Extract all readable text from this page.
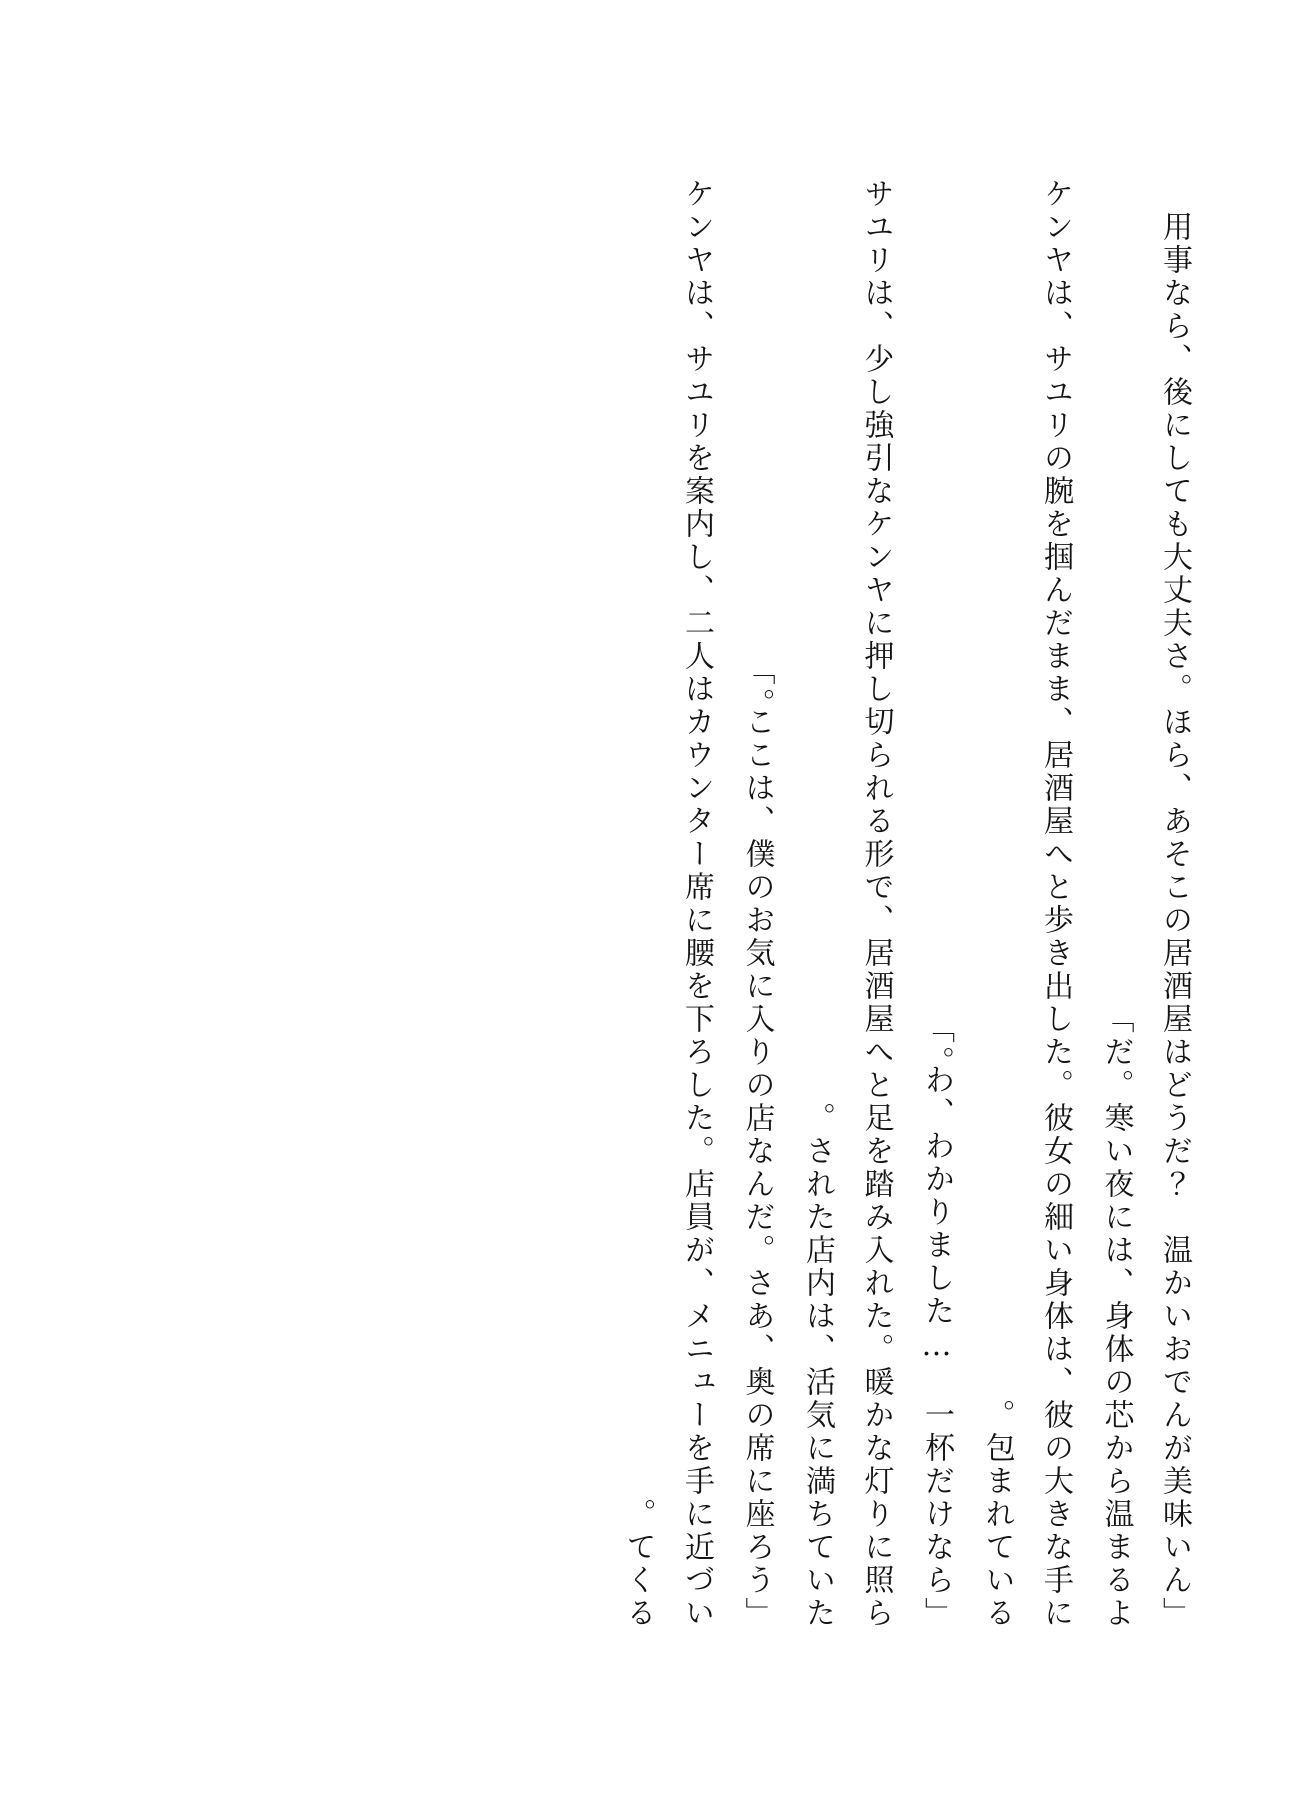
「用事なら、後にしても大丈夫さ。ほら、あそこの居酒屋はどうだ？　温かいおでんが美味いんだ。寒い夜には、身体の芯から温まるよ」

ケンヤは、サユリの腕を掴んだまま、居酒屋へと歩き出した。彼女の細い身体は、彼の大きな手に包まれている。

「わ、わかりました…　一杯だけなら。」

サユリは、少し強引なケンヤに押し切られる形で、居酒屋へと足を踏み入れた。暖かな灯りに照らされた店内は、活気に満ちていた。

「ここは、僕のお気に入りの店なんだ。さあ、奥の席に座ろう。」

ケンヤは、サユリを案内し、二人はカウンター席に腰を下ろした。店員が、メニューを手に近づいてくる。
